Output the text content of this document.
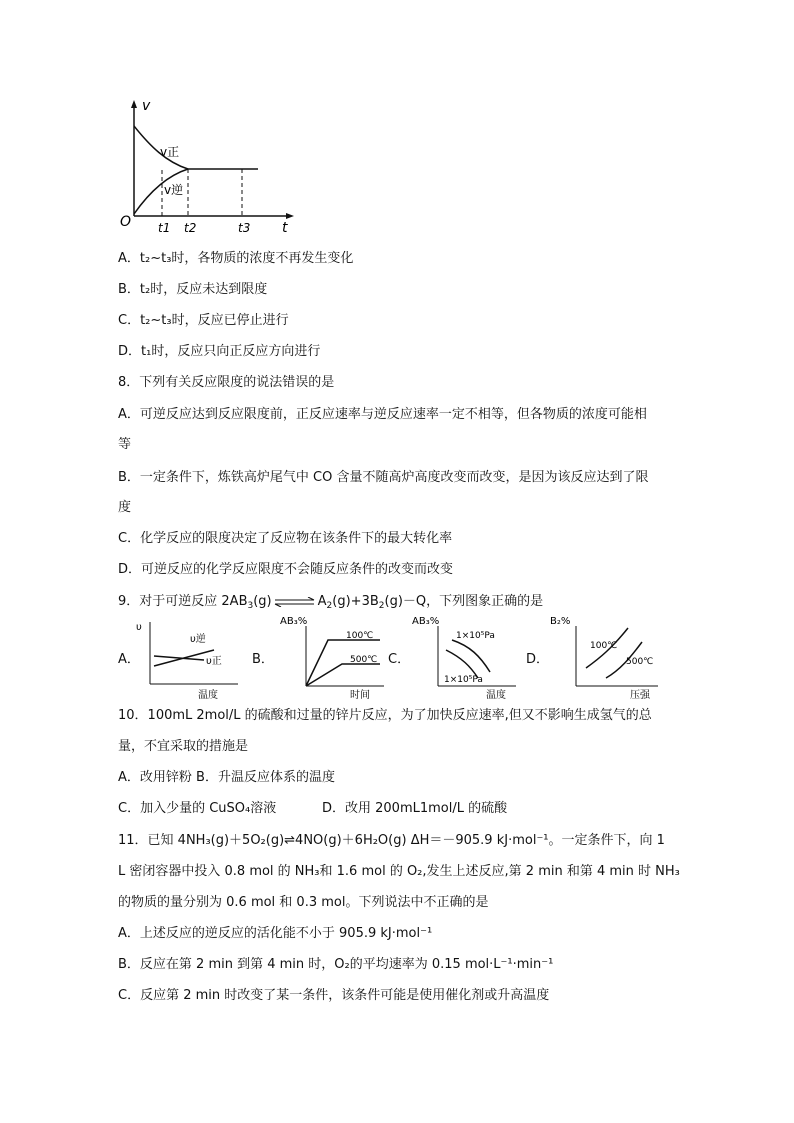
v
t
O
v正
v逆
t1 t2	t3
A．t₂~t₃时，各物质的浓度不再发生变化
B．t₂时，反应未达到限度
C．t₂~t₃时，反应已停止进行
D．t₁时，反应只向正反应方向进行
8．下列有关反应限度的说法错误的是
A．可逆反应达到反应限度前，正反应速率与逆反应速率一定不相等，但各物质的浓度可能相
等
B．一定条件下，炼铁高炉尾气中 CO 含量不随高炉高度改变而改变，是因为该反应达到了限
度
C．化学反应的限度决定了反应物在该条件下的最大转化率
D．可逆反应的化学反应限度不会随反应条件的改变而改变
9．对于可逆反应 $2AB_3(g)$ ⇌ $A_2(g)+3B_2(g)-Q$，下列图象正确的是
A．
υ
温度
υ逆
υ正 B．
AB₃%
时间
100℃
500℃ C．
AB₃%
温度
1×10⁵Pa
1×10⁵Pa
D．
B₂%
压强
100℃
500℃
10．100mL 2mol/L 的硫酸和过量的锌片反应，为了加快反应速率,但又不影响生成氢气的总
量，不宜采取的措施是
A．改用锌粉 B．升温反应体系的温度
C．加入少量的 CuSO₄溶液	D．改用 200mL1mol/L 的硫酸
11．已知 4NH₃(g)＋5O₂(g)⇌4NO(g)＋6H₂O(g) ΔH＝－905.9 kJ·mol⁻¹。一定条件下，向 1
L 密闭容器中投入 0.8 mol 的 NH₃和 1.6 mol 的 O₂,发生上述反应,第 2 min 和第 4 min 时 NH₃
的物质的量分别为 0.6 mol 和 0.3 mol。下列说法中不正确的是
A．上述反应的逆反应的活化能不小于 905.9 kJ·mol⁻¹
B．反应在第 2 min 到第 4 min 时，O₂的平均速率为 0.15 mol·L⁻¹·min⁻¹
C．反应第 2 min 时改变了某一条件，该条件可能是使用催化剂或升高温度
